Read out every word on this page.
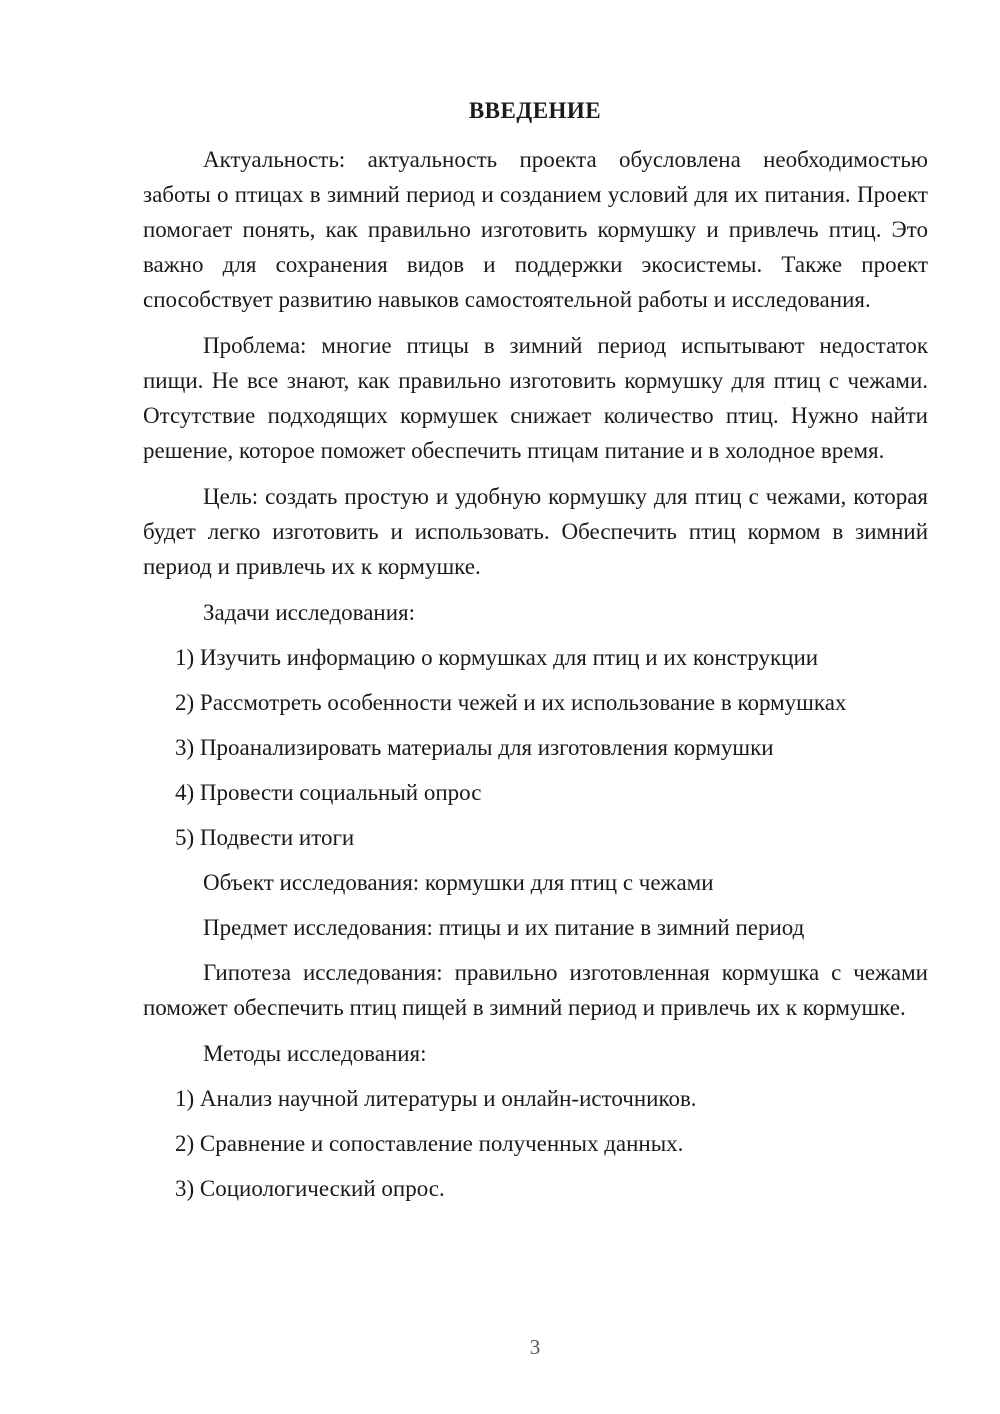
ВВЕДЕНИЕ

Актуальность: актуальность проекта обусловлена необходимостью заботы о птицах в зимний период и созданием условий для их питания. Проект помогает понять, как правильно изготовить кормушку и привлечь птиц. Это важно для сохранения видов и поддержки экосистемы. Также проект способствует развитию навыков самостоятельной работы и исследования.

Проблема: многие птицы в зимний период испытывают недостаток пищи. Не все знают, как правильно изготовить кормушку для птиц с чежами. Отсутствие подходящих кормушек снижает количество птиц. Нужно найти решение, которое поможет обеспечить птицам питание и в холодное время.

Цель: создать простую и удобную кормушку для птиц с чежами, которая будет легко изготовить и использовать. Обеспечить птиц кормом в зимний период и привлечь их к кормушке.

Задачи исследования:

1) Изучить информацию о кормушках для птиц и их конструкции

2) Рассмотреть особенности чежей и их использование в кормушках

3) Проанализировать материалы для изготовления кормушки

4) Провести социальный опрос

5) Подвести итоги

Объект исследования: кормушки для птиц с чежами

Предмет исследования: птицы и их питание в зимний период

Гипотеза исследования: правильно изготовленная кормушка с чежами поможет обеспечить птиц пищей в зимний период и привлечь их к кормушке.

Методы исследования:

1) Анализ научной литературы и онлайн-источников.

2) Сравнение и сопоставление полученных данных.

3) Социологический опрос.

3
